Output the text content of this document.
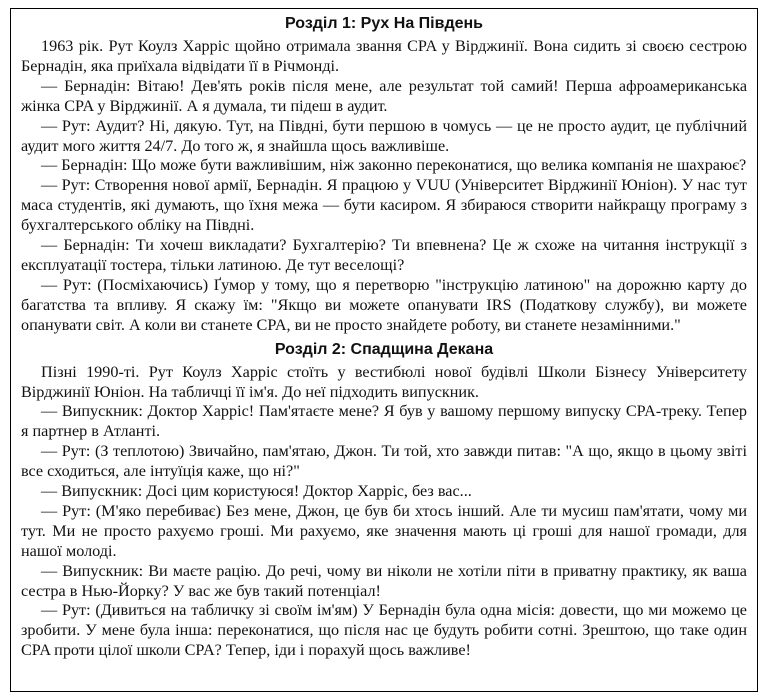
Розділ 1: Рух На Південь

1963 рік. Рут Коулз Харріс щойно отримала звання CPA у Вірджинії. Вона сидить зі своєю сестрою Бернадін, яка приїхала відвідати її в Річмонді.

— Бернадін: Вітаю! Дев'ять років після мене, але результат той самий! Перша афроамериканська жінка CPA у Вірджинії. А я думала, ти підеш в аудит.

— Рут: Аудит? Ні, дякую. Тут, на Півдні, бути першою в чомусь — це не просто аудит, це публічний аудит мого життя 24/7. До того ж, я знайшла щось важливіше.

— Бернадін: Що може бути важливішим, ніж законно переконатися, що велика компанія не шахраює?

— Рут: Створення нової армії, Бернадін. Я працюю у VUU (Університет Вірджинії Юніон). У нас тут маса студентів, які думають, що їхня межа — бути касиром. Я збираюся створити найкращу програму з бухгалтерського обліку на Півдні.

— Бернадін: Ти хочеш викладати? Бухгалтерію? Ти впевнена? Це ж схоже на читання інструкції з експлуатації тостера, тільки латиною. Де тут веселощі?

— Рут: (Посміхаючись) Ґумор у тому, що я перетворю "інструкцію латиною" на дорожню карту до багатства та впливу. Я скажу їм: "Якщо ви можете опанувати IRS (Податкову службу), ви можете опанувати світ. А коли ви станете CPA, ви не просто знайдете роботу, ви станете незамінними."

Розділ 2: Спадщина Декана

Пізні 1990-ті. Рут Коулз Харріс стоїть у вестибюлі нової будівлі Школи Бізнесу Університету Вірджинії Юніон. На табличці її ім'я. До неї підходить випускник.

— Випускник: Доктор Харріс! Пам'ятаєте мене? Я був у вашому першому випуску CPA-треку. Тепер я партнер в Атланті.

— Рут: (З теплотою) Звичайно, пам'ятаю, Джон. Ти той, хто завжди питав: "А що, якщо в цьому звіті все сходиться, але інтуїція каже, що ні?"

— Випускник: Досі цим користуюся! Доктор Харріс, без вас...

— Рут: (М'яко перебиває) Без мене, Джон, це був би хтось інший. Але ти мусиш пам'ятати, чому ми тут. Ми не просто рахуємо гроші. Ми рахуємо, яке значення мають ці гроші для нашої громади, для нашої молоді.

— Випускник: Ви маєте рацію. До речі, чому ви ніколи не хотіли піти в приватну практику, як ваша сестра в Нью-Йорку? У вас же був такий потенціал!

— Рут: (Дивиться на табличку зі своїм ім'ям) У Бернадін була одна місія: довести, що ми можемо це зробити. У мене була інша: переконатися, що після нас це будуть робити сотні. Зрештою, що таке один CPA проти цілої школи CPA? Тепер, іди і порахуй щось важливе!
